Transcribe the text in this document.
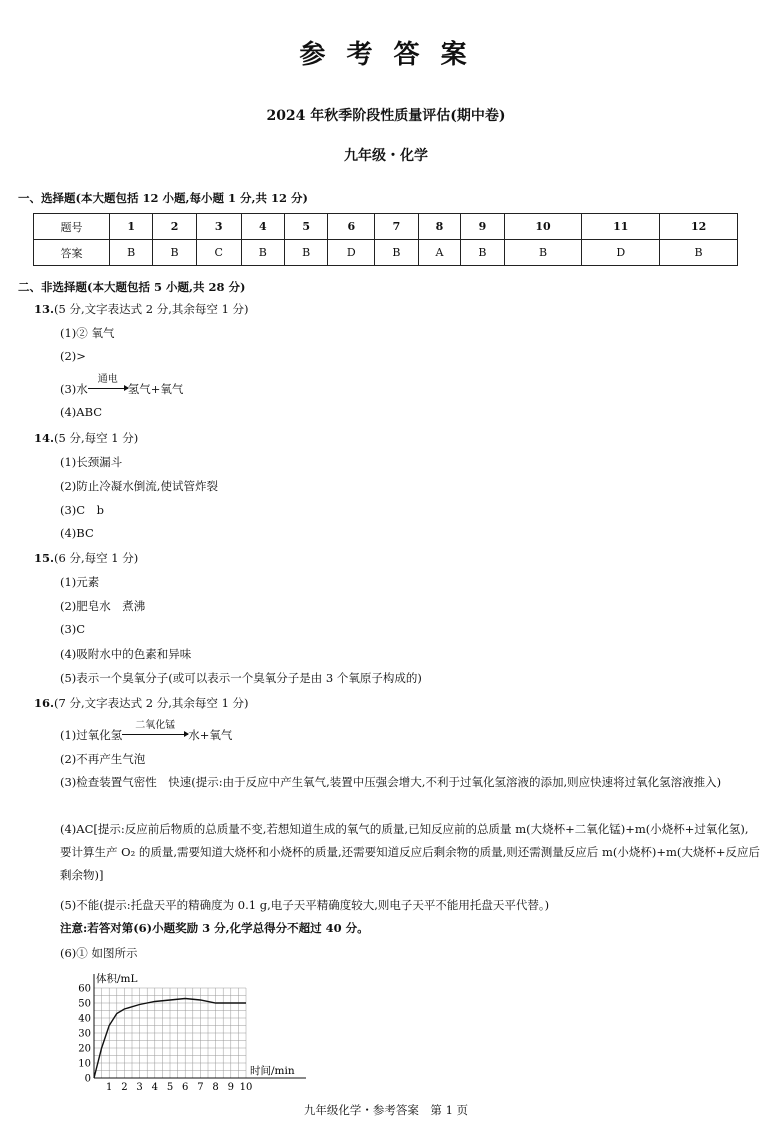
参 考 答 案
2024 年秋季阶段性质量评估(期中卷)
九年级・化学
一、选择题(本大题包括 12 小题,每小题 1 分,共 12 分)
题号	1	2	3	4	5	6	7	8	9	10	11	12
答案	B	B	C	B	B	D	B	A	B	B	D	B
二、非选择题(本大题包括 5 小题,共 28 分)
13.(5 分,文字表达式 2 分,其余每空 1 分)
(1)② 氧气
(2)>
(3)水
通电
氢气+氧气
(4)ABC
14.(5 分,每空 1 分)
(1)长颈漏斗
(2)防止冷凝水倒流,使试管炸裂
(3)C　b
(4)BC
15.(6 分,每空 1 分)
(1)元素
(2)肥皂水　煮沸
(3)C
(4)吸附水中的色素和异味
(5)表示一个臭氧分子(或可以表示一个臭氧分子是由 3 个氧原子构成的)
16.(7 分,文字表达式 2 分,其余每空 1 分)
(1)过氧化氢
二氧化锰
水+氧气
(2)不再产生气泡
(3)检查装置气密性　快速(提示:由于反应中产生氧气,装置中压强会增大,不利于过氧化氢溶液的添加,则应快速将过氧化氢溶液推入)
(4)AC[提示:反应前后物质的总质量不变,若想知道生成的氧气的质量,已知反应前的总质量 m(大烧杯+二氧化锰)+m(小烧杯+过氧化氢),要计算生产 O₂ 的质量,需要知道大烧杯和小烧杯的质量,还需要知道反应后剩余物的质量,则还需测量反应后 m(小烧杯)+m(大烧杯+反应后剩余物)]
(5)不能(提示:托盘天平的精确度为 0.1 g,电子天平精确度较大,则电子天平不能用托盘天平代替。)
注意:若答对第(6)小题奖励 3 分,化学总得分不超过 40 分。
(6)① 如图所示
1 2 3 4 5 6 7 8 9 10
0
10
20
30
40
50
60
体积/mL
时间/min
九年级化学・参考答案　第 1 页
